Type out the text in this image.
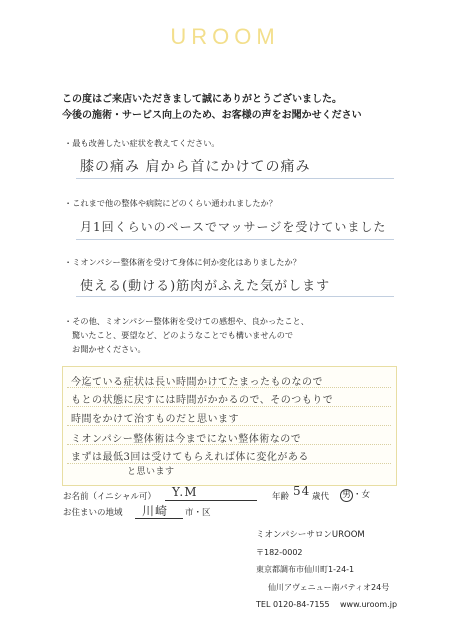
UROOM
この度はご来店いただきまして誠にありがとうございました。
今後の施術・サービス向上のため、お客様の声をお聞かせください
・最も改善したい症状を教えてください。
膝の痛み 肩から首にかけての痛み
・これまで他の整体や病院にどのくらい通われましたか？
月1回くらいのペースでマッサージを受けていました
・ミオンパシー整体術を受けて身体に何か変化はありましたか？
使える(動ける)筋肉がふえた気がします
・その他、ミオンパシー整体術を受けての感想や、良かったこと、
驚いたこと、要望など、どのようなことでも構いませんので
お聞かせください。
今迄ている症状は長い時間かけてたまったものなので
もとの状態に戻すには時間がかかるので、そのつもりで
時間をかけて治すものだと思います
ミオンパシー整体術は今までにない整体術なので
まずは最低3回は受けてもらえれば体に変化がある
と思います
お名前（イニシャル可） Y.M	年齢 54 歳代 男 ・女
お住まいの地域 川崎 市・区
ミオンパシーサロンUROOM
〒182-0002
東京都調布市仙川町1-24-1
仙川アヴェニュー南パティオ24号
TEL 0120-84-7155 www.uroom.jp
